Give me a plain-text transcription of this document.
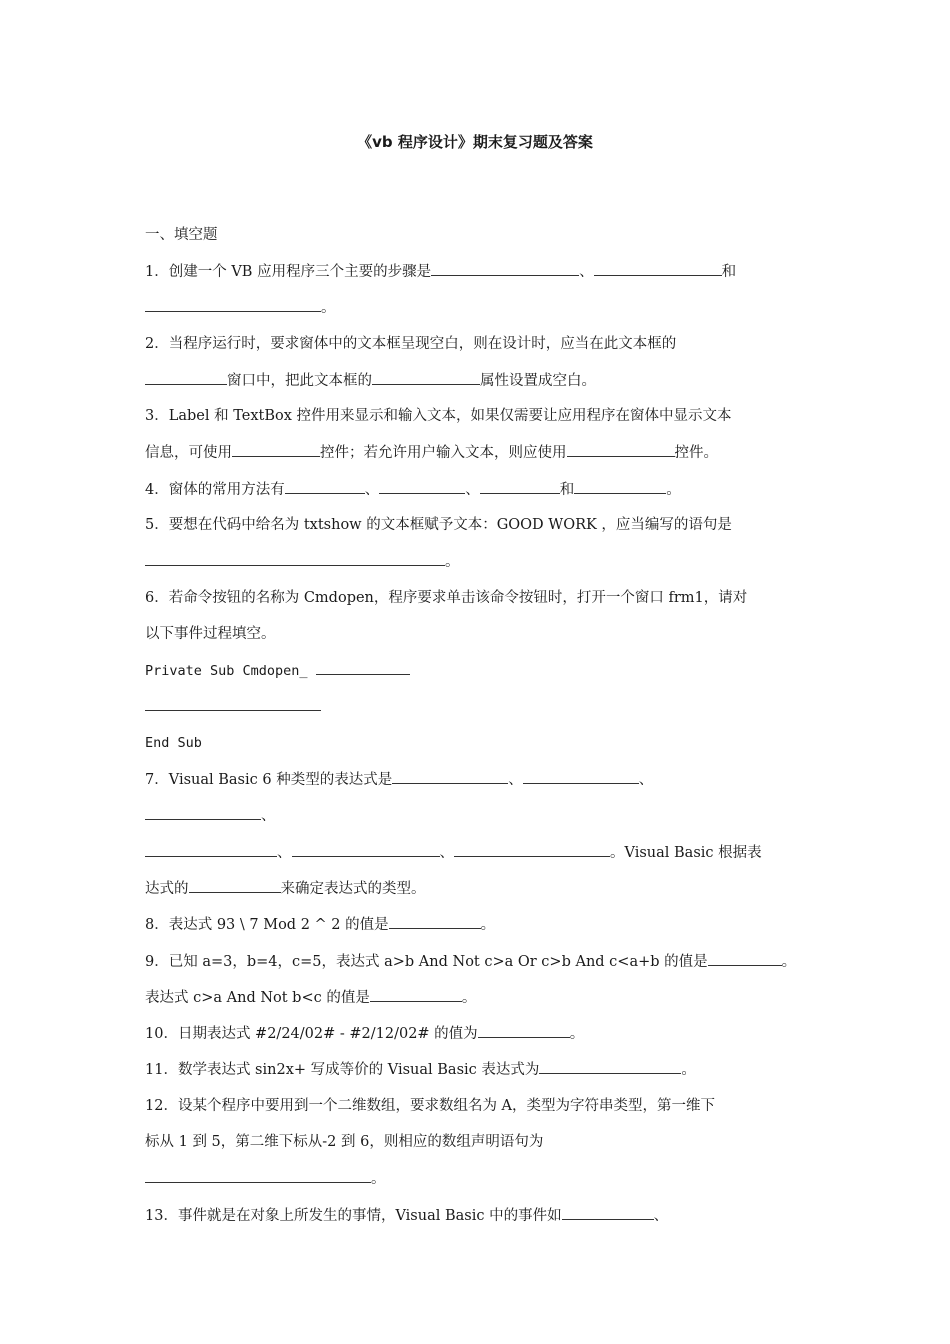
《vb 程序设计》期末复习题及答案
一、填空题
1．创建一个 VB 应用程序三个主要的步骤是	、	和
。
2．当程序运行时，要求窗体中的文本框呈现空白，则在设计时，应当在此文本框的
窗口中，把此文本框的	属性设置成空白。
3．Label 和 TextBox 控件用来显示和输入文本，如果仅需要让应用程序在窗体中显示文本
信息，可使用	控件；若允许用户输入文本，则应使用	控件。
4．窗体的常用方法有	、	、	和	。
5．要想在代码中给名为 txtshow 的文本框赋予文本：GOOD WORK ，应当编写的语句是
。
6．若命令按钮的名称为 Cmdopen，程序要求单击该命令按钮时，打开一个窗口 frm1，请对
以下事件过程填空。
Private Sub Cmdopen_
End Sub
7．Visual Basic 6 种类型的表达式是	、	、
、
、	、	。Visual Basic 根据表
达式的	来确定表达式的类型。
8．表达式 93 \ 7 Mod 2 ^ 2 的值是	。
9．已知 a=3，b=4，c=5，表达式 a>b And Not c>a Or c>b And c<a+b 的值是	。
表达式 c>a And Not b<c 的值是	。
10．日期表达式 #2/24/02# - #2/12/02# 的值为	。
11．数学表达式 sin2x+ 写成等价的 Visual Basic 表达式为	。
12．设某个程序中要用到一个二维数组，要求数组名为 A，类型为字符串类型，第一维下
标从 1 到 5，第二维下标从-2 到 6，则相应的数组声明语句为
。
13．事件就是在对象上所发生的事情，Visual Basic 中的事件如	、
